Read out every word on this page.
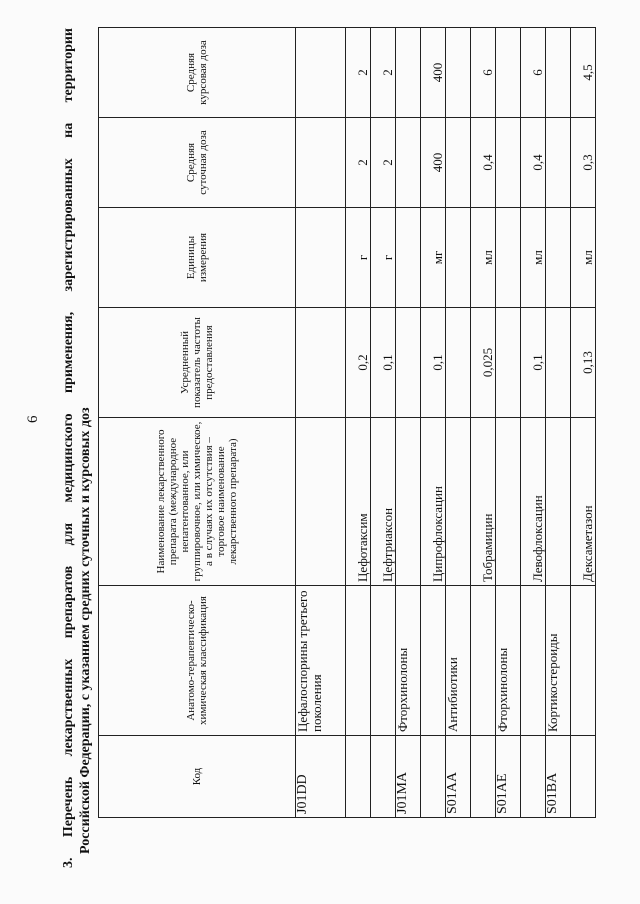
6 3. Перечень лекарственных препаратов для медицинского применения, зарегистрированных на территории Российской Федерации, с указанием средних суточных и курсовых доз	Код	Анатомо-терапевтическо-химическая классификация	Наименование лекарственного препарата (международное непатентованное, или группировочное, или химическое, а в случаях их отсутствия – торговое наименование лекарственного препарата)	Усредненный показатель частоты предоставления	Единицы измерения	Средняя суточная доза	Средняя курсовая доза
J01DD	Цефалоспорины третьего поколения					
		Цефотаксим	0,2	г	2	2
		Цефтриаксон	0,1	г	2	2
J01MA	Фторхинолоны					
		Ципрофлоксацин	0,1	мг	400	400
S01AA	Антибиотики					
		Тобрамицин	0,025	мл	0,4	6
S01AE	Фторхинолоны					
		Левофлоксацин	0,1	мл	0,4	6
S01BA	Кортикостероиды					
		Дексаметазон	0,13	мл	0,3	4,5
